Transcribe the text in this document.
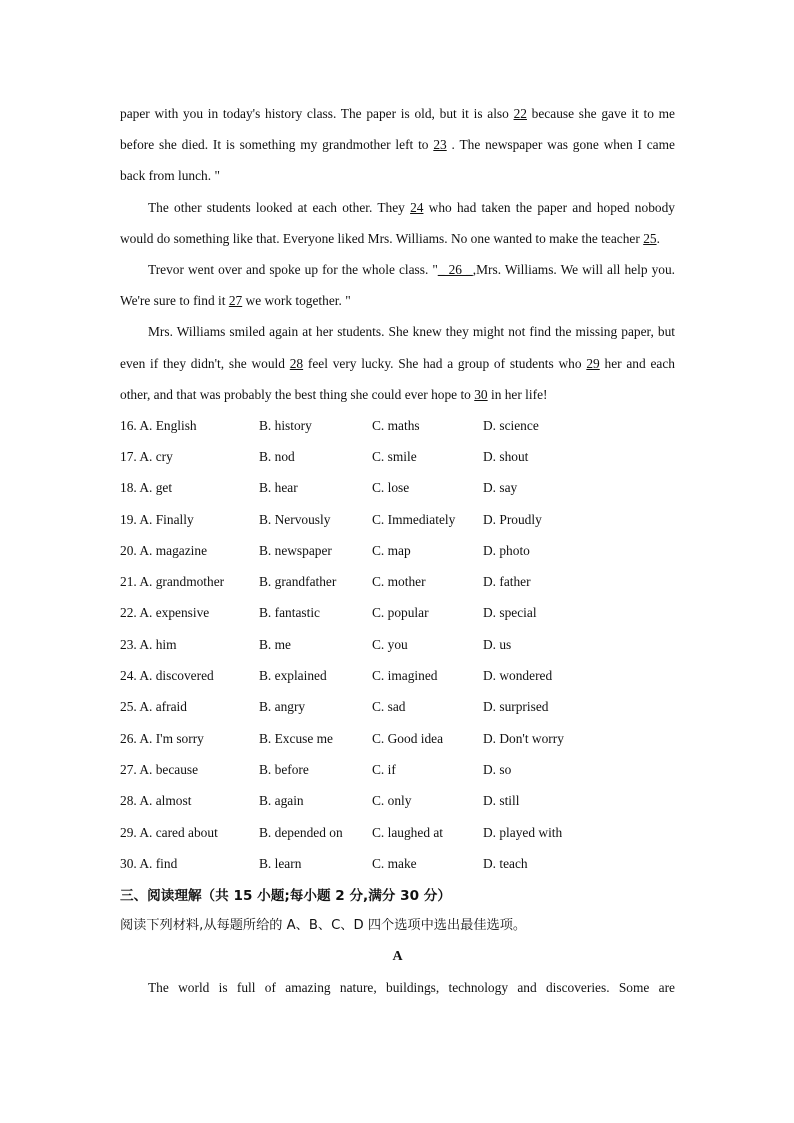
paper with you in today's history class. The paper is old, but it is also 22 because she gave it to me before she died. It is something my grandmother left to 23 . The newspaper was gone when I came back from lunch. "

The other students looked at each other. They 24 who had taken the paper and hoped nobody would do something like that. Everyone liked Mrs. Williams. No one wanted to make the teacher 25.

Trevor went over and spoke up for the whole class. "_ 26 _,Mrs. Williams. We will all help you. We're sure to find it 27 we work together. "

Mrs. Williams smiled again at her students. She knew they might not find the missing paper, but even if they didn't, she would 28 feel very lucky. She had a group of students who 29 her and each other, and that was probably the best thing she could ever hope to 30 in her life!

16. A. English	B. history	C. maths	D. science
17. A. cry	B. nod	C. smile	D. shout
18. A. get	B. hear	C. lose	D. say
19. A. Finally	B. Nervously	C. Immediately	D. Proudly
20. A. magazine	B. newspaper	C. map	D. photo
21. A. grandmother	B. grandfather	C. mother	D. father
22. A. expensive	B. fantastic	C. popular	D. special
23. A. him	B. me	C. you	D. us
24. A. discovered	B. explained	C. imagined	D. wondered
25. A. afraid	B. angry	C. sad	D. surprised
26. A. I'm sorry	B. Excuse me	C. Good idea	D. Don't worry
27. A. because	B. before	C. if	D. so
28. A. almost	B. again	C. only	D. still
29. A. cared about	B. depended on	C. laughed at	D. played with
30. A. find	B. learn	C. make	D. teach
三、阅读理解（共 15 小题;每小题 2 分,满分 30 分）
阅读下列材料,从每题所给的 A、B、C、D 四个选项中选出最佳选项。
A

The world is full of amazing nature, buildings, technology and discoveries. Some are
